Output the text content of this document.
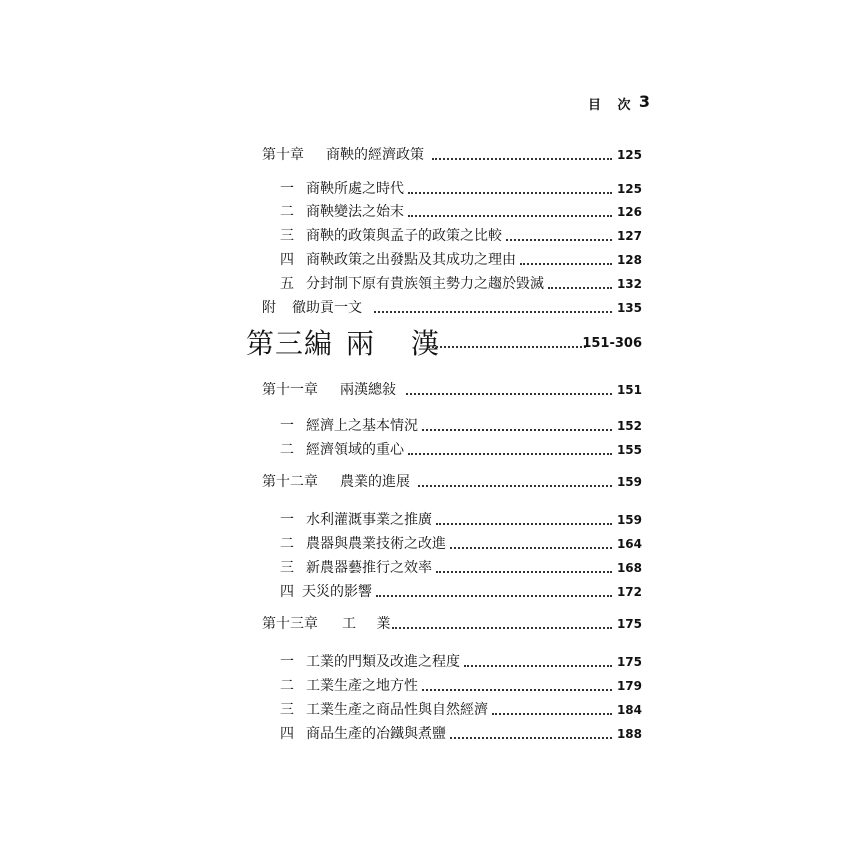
目 次 3
第十章 商鞅的經濟政策	125
一 商鞅所處之時代	125
二 商鞅變法之始末	126
三 商鞅的政策與孟子的政策之比較	127
四 商鞅政策之出發點及其成功之理由	128
五 分封制下原有貴族領主勢力之趨於毀滅	132
附 徹助貢一文	135
第三編 兩 漢	151-306
第十一章 兩漢總敍	151
一 經濟上之基本情況	152
二 經濟領域的重心	155
第十二章 農業的進展	159
一 水利灌溉事業之推廣	159
二 農器與農業技術之改進	164
三 新農器藝推行之效率	168
四 天災的影響	172
第十三章 工 業	175
一 工業的門類及改進之程度	175
二 工業生產之地方性	179
三 工業生產之商品性與自然經濟	184
四 商品生產的冶鐵與煮鹽	188
